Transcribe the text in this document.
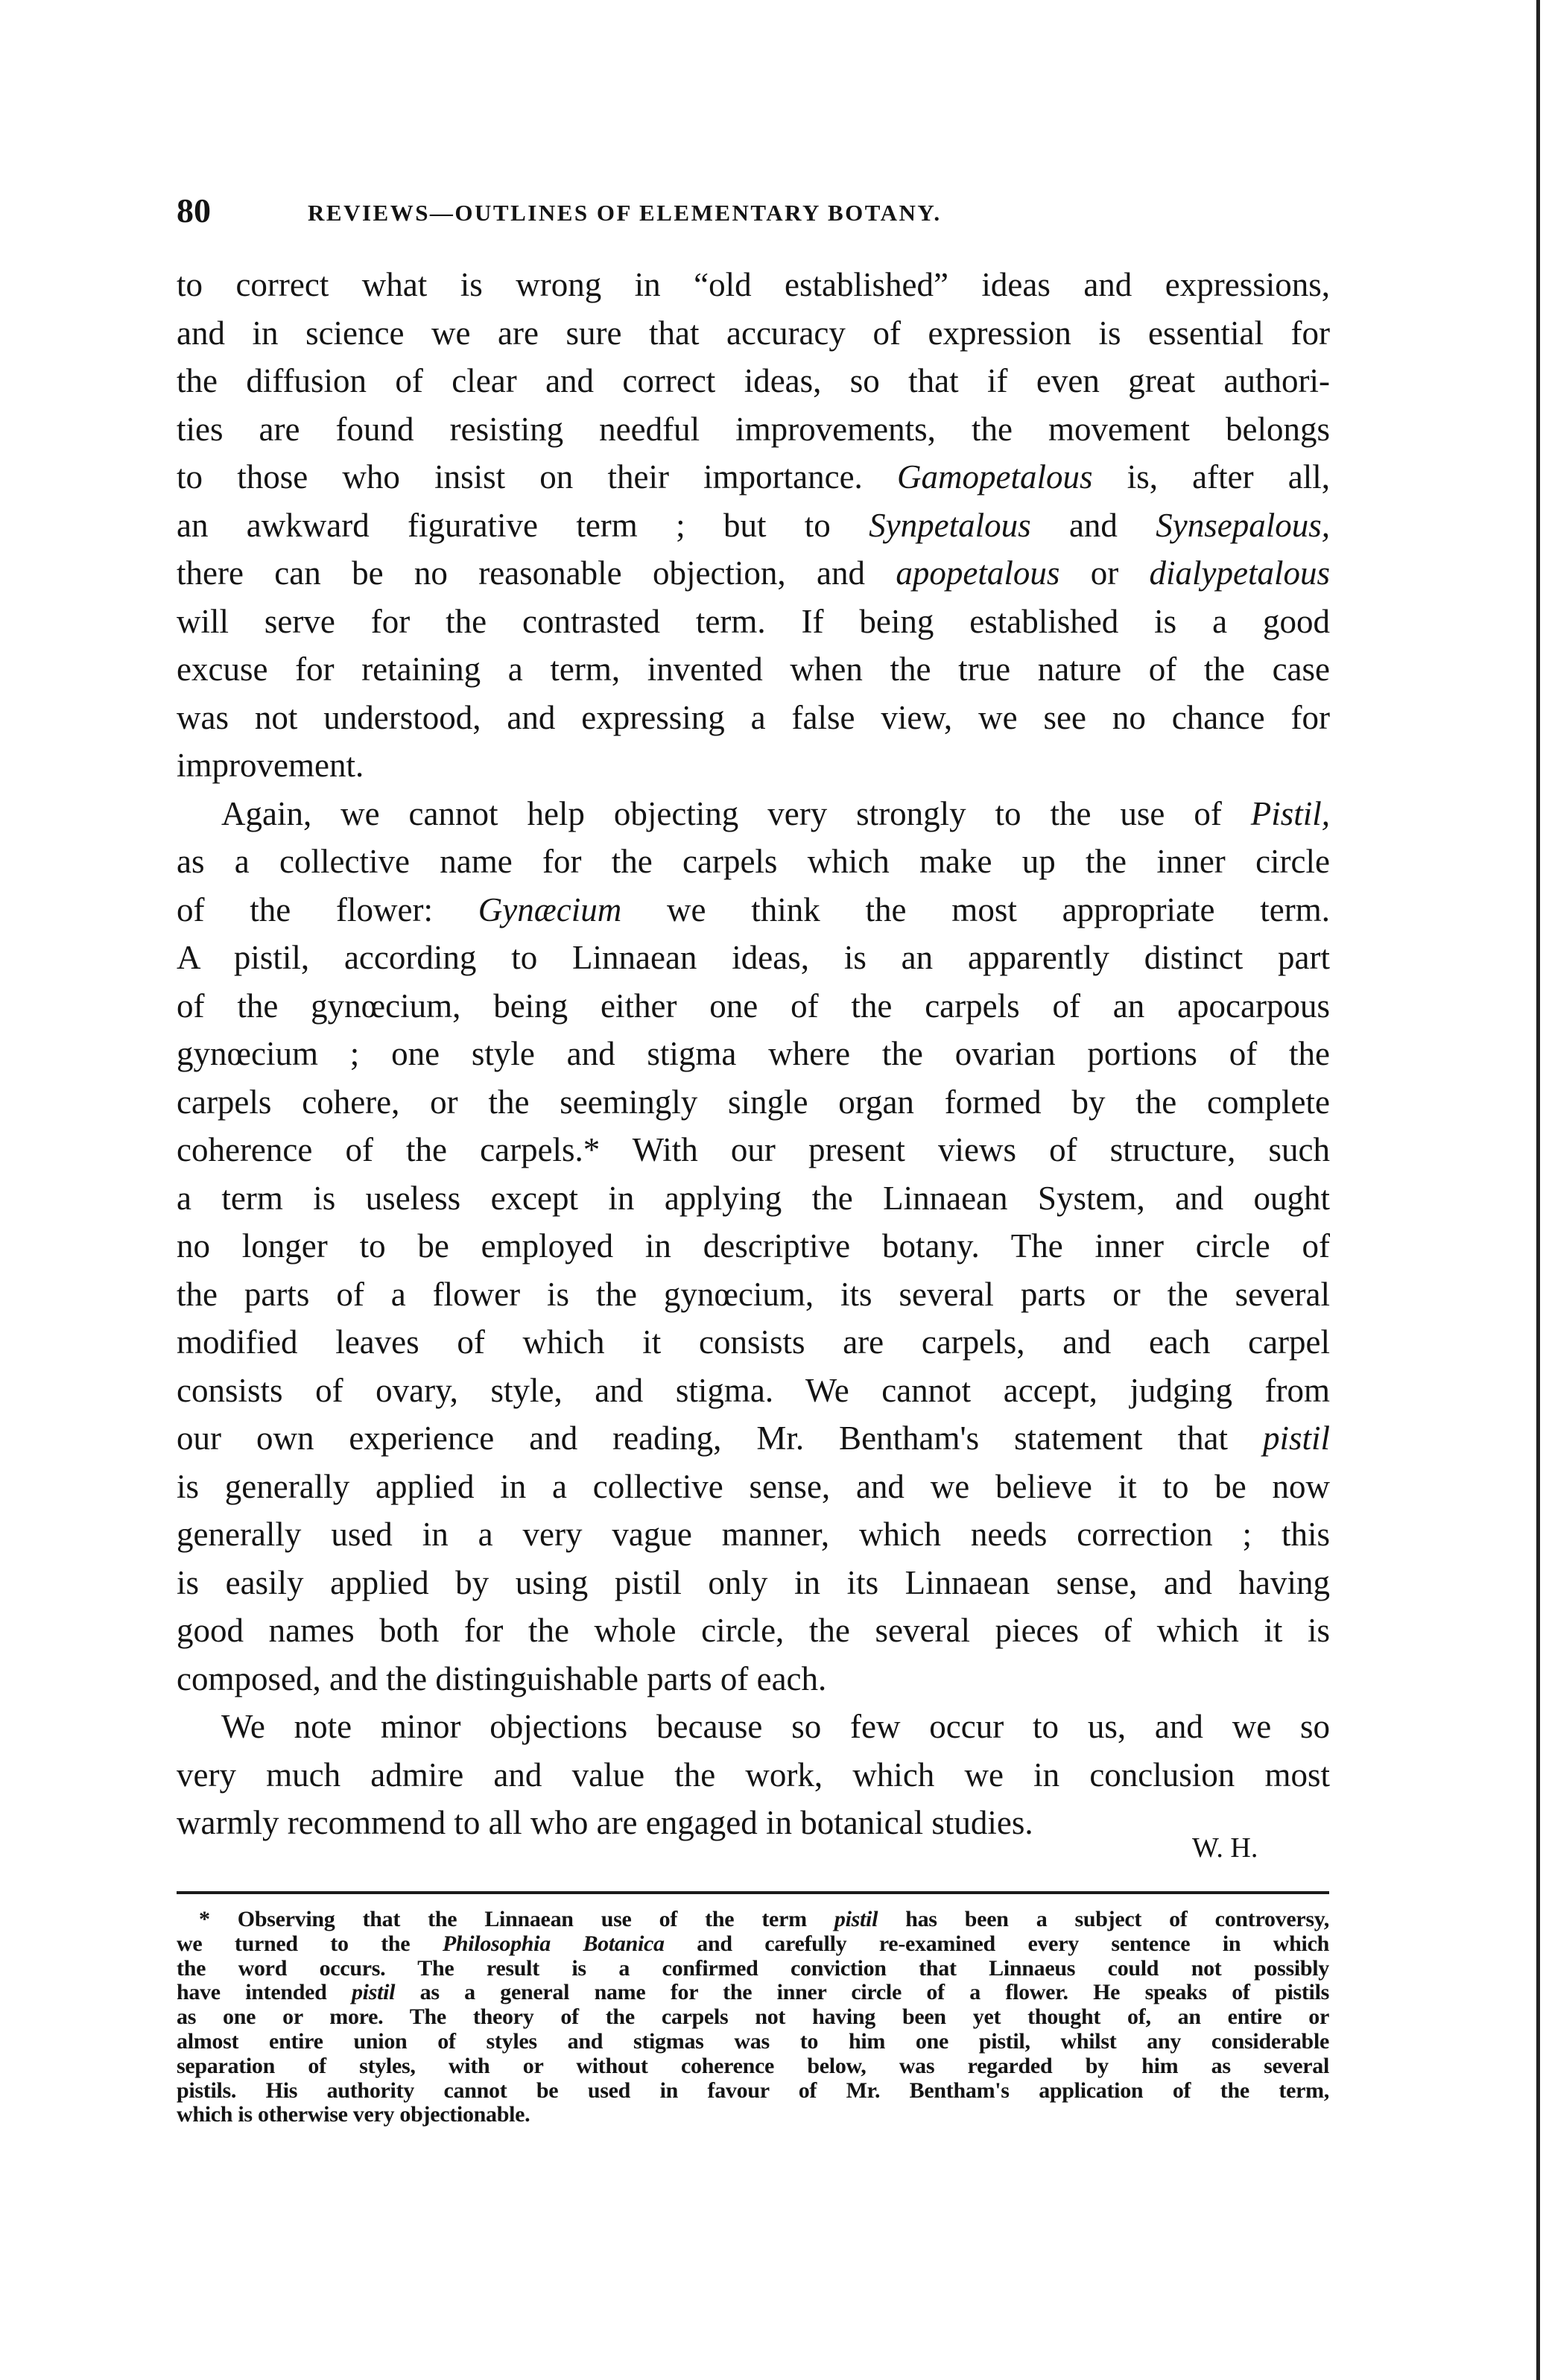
80	REVIEWS—OUTLINES OF ELEMENTARY BOTANY.
to correct what is wrong in “old established” ideas and expressions,
and in science we are sure that accuracy of expression is essential for
the diffusion of clear and correct ideas, so that if even great authori-
ties are found resisting needful improvements, the movement belongs
to those who insist on their importance. Gamopetalous is, after all,
an awkward figurative term ; but to Synpetalous and Synsepalous,
there can be no reasonable objection, and apopetalous or dialypetalous
will serve for the contrasted term. If being established is a good
excuse for retaining a term, invented when the true nature of the case
was not understood, and expressing a false view, we see no chance for
improvement.
Again, we cannot help objecting very strongly to the use of Pistil,
as a collective name for the carpels which make up the inner circle
of the flower: Gynæcium we think the most appropriate term.
A pistil, according to Linnaean ideas, is an apparently distinct part
of the gynœcium, being either one of the carpels of an apocarpous
gynœcium ; one style and stigma where the ovarian portions of the
carpels cohere, or the seemingly single organ formed by the complete
coherence of the carpels.* With our present views of structure, such
a term is useless except in applying the Linnaean System, and ought
no longer to be employed in descriptive botany. The inner circle of
the parts of a flower is the gynœcium, its several parts or the several
modified leaves of which it consists are carpels, and each carpel
consists of ovary, style, and stigma. We cannot accept, judging from
our own experience and reading, Mr. Bentham's statement that pistil
is generally applied in a collective sense, and we believe it to be now
generally used in a very vague manner, which needs correction ; this
is easily applied by using pistil only in its Linnaean sense, and having
good names both for the whole circle, the several pieces of which it is
composed, and the distinguishable parts of each.
We note minor objections because so few occur to us, and we so
very much admire and value the work, which we in conclusion most
warmly recommend to all who are engaged in botanical studies.
W. H.
* Observing that the Linnaean use of the term pistil has been a subject of controversy,
we turned to the Philosophia Botanica and carefully re-examined every sentence in which
the word occurs. The result is a confirmed conviction that Linnaeus could not possibly
have intended pistil as a general name for the inner circle of a flower. He speaks of pistils
as one or more. The theory of the carpels not having been yet thought of, an entire or
almost entire union of styles and stigmas was to him one pistil, whilst any considerable
separation of styles, with or without coherence below, was regarded by him as several
pistils. His authority cannot be used in favour of Mr. Bentham's application of the term,
which is otherwise very objectionable.
